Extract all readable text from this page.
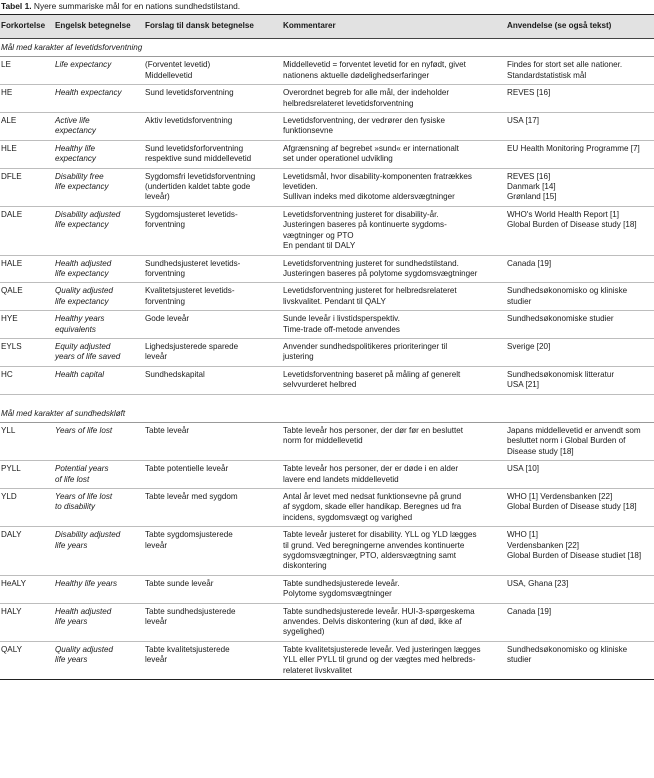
Tabel 1. Nyere summariske mål for en nations sundhedstilstand.
Forkortelse	Engelsk betegnelse	Forslag til dansk betegnelse	Kommentarer	Anvendelse (se også tekst)
Mål med karakter af levetidsforventning				
LE	Life expectancy	(Forventet levetid)
Middellevetid	Middellevetid = forventet levetid for en nyfødt, givet
nationens aktuelle dødelighedserfaringer	Findes for stort set alle nationer.
Standardstatistisk mål

HE	Health expectancy	Sund levetidsforventning	Overordnet begreb for alle mål, der indeholder
helbredsrelateret levetidsforventning	REVES [16]

ALE	Active life
expectancy	Aktiv levetidsforventning	Levetidsforventning, der vedrører den fysiske
funktionsevne	USA [17]

HLE	Healthy life
expectancy	Sund levetidsforforventning
respektive sund middellevetid	Afgrænsning af begrebet »sund« er internationalt
set under operationel udvikling	EU Health Monitoring Programme [7]

DFLE	Disability free
life expectancy	Sygdomsfri levetidsforventning
(undertiden kaldet tabte gode
leveår)	Levetidsmål, hvor disability-komponenten fratrækkes
levetiden.
Sullivan indeks med dikotome aldersvægtninger	REVES [16]
Danmark [14]
Grønland [15]

DALE	Disability adjusted
life expectancy	Sygdomsjusteret levetids-
forventning	Levetidsforventning justeret for disability-år.
Justeringen baseres på kontinuerte sygdoms-
vægtninger og PTO
En pendant til DALY	WHO's World Health Report [1]
Global Burden of Disease study [18]

HALE	Health adjusted
life expectancy	Sundhedsjusteret levetids-
forventning	Levetidsforventning justeret for sundhedstilstand.
Justeringen baseres på polytome sygdomsvægtninger	Canada [19]

QALE	Quality adjusted
life expectancy	Kvalitetsjusteret levetids-
forventning	Levetidsforventning justeret for helbredsrelateret
livskvalitet. Pendant til QALY	Sundhedsøkonomisko og kliniske
studier

HYE	Healthy years
equivalents	Gode leveår	Sunde leveår i livstidsperspektiv.
Time-trade off-metode anvendes	Sundhedsøkonomiske studier

EYLS	Equity adjusted
years of life saved	Lighedsjusterede sparede
leveår	Anvender sundhedspolitikeres prioriteringer til
justering	Sverige [20]

HC	Health capital	Sundhedskapital	Levetidsforventning baseret på måling af generelt
selvvurderet helbred	Sundhedsøkonomisk litteratur
USA [21]

Mål med karakter af sundhedskløft				
YLL	Years of life lost	Tabte leveår	Tabte leveår hos personer, der dør før en besluttet
norm for middellevetid	Japans middellevetid er anvendt som
besluttet norm i Global Burden of
Disease study [18]

PYLL	Potential years
of life lost	Tabte potentielle leveår	Tabte leveår hos personer, der er døde i en alder
lavere end landets middellevetid	USA [10]

YLD	Years of life lost
to disability	Tabte leveår med sygdom	Antal år levet med nedsat funktionsevne på grund
af sygdom, skade eller handikap. Beregnes ud fra
incidens, sygdomsvægt og varighed	WHO [1] Verdensbanken [22]
Global Burden of Disease study [18]

DALY	Disability adjusted
life years	Tabte sygdomsjusterede
leveår	Tabte leveår justeret for disability. YLL og YLD lægges
til grund. Ved beregningerne anvendes kontinuerte
sygdomsvægtninger, PTO, aldersvægtning samt
diskontering	WHO [1]
Verdensbanken [22]
Global Burden of Disease studiet [18]

HeALY	Healthy life years	Tabte sunde leveår	Tabte sundhedsjusterede leveår.
Polytome sygdomsvægtninger	USA, Ghana [23]

HALY	Health adjusted
life years	Tabte sundhedsjusterede
leveår	Tabte sundhedsjusterede leveår. HUI-3-spørgeskema
anvendes. Delvis diskontering (kun af død, ikke af
sygelighed)	Canada [19]

QALY	Quality adjusted
life years	Tabte kvalitetsjusterede
leveår	Tabte kvalitetsjusterede leveår. Ved justeringen lægges
YLL eller PYLL til grund og der vægtes med helbreds-
relateret livskvalitet	Sundhedsøkonomisko og kliniske
studier
